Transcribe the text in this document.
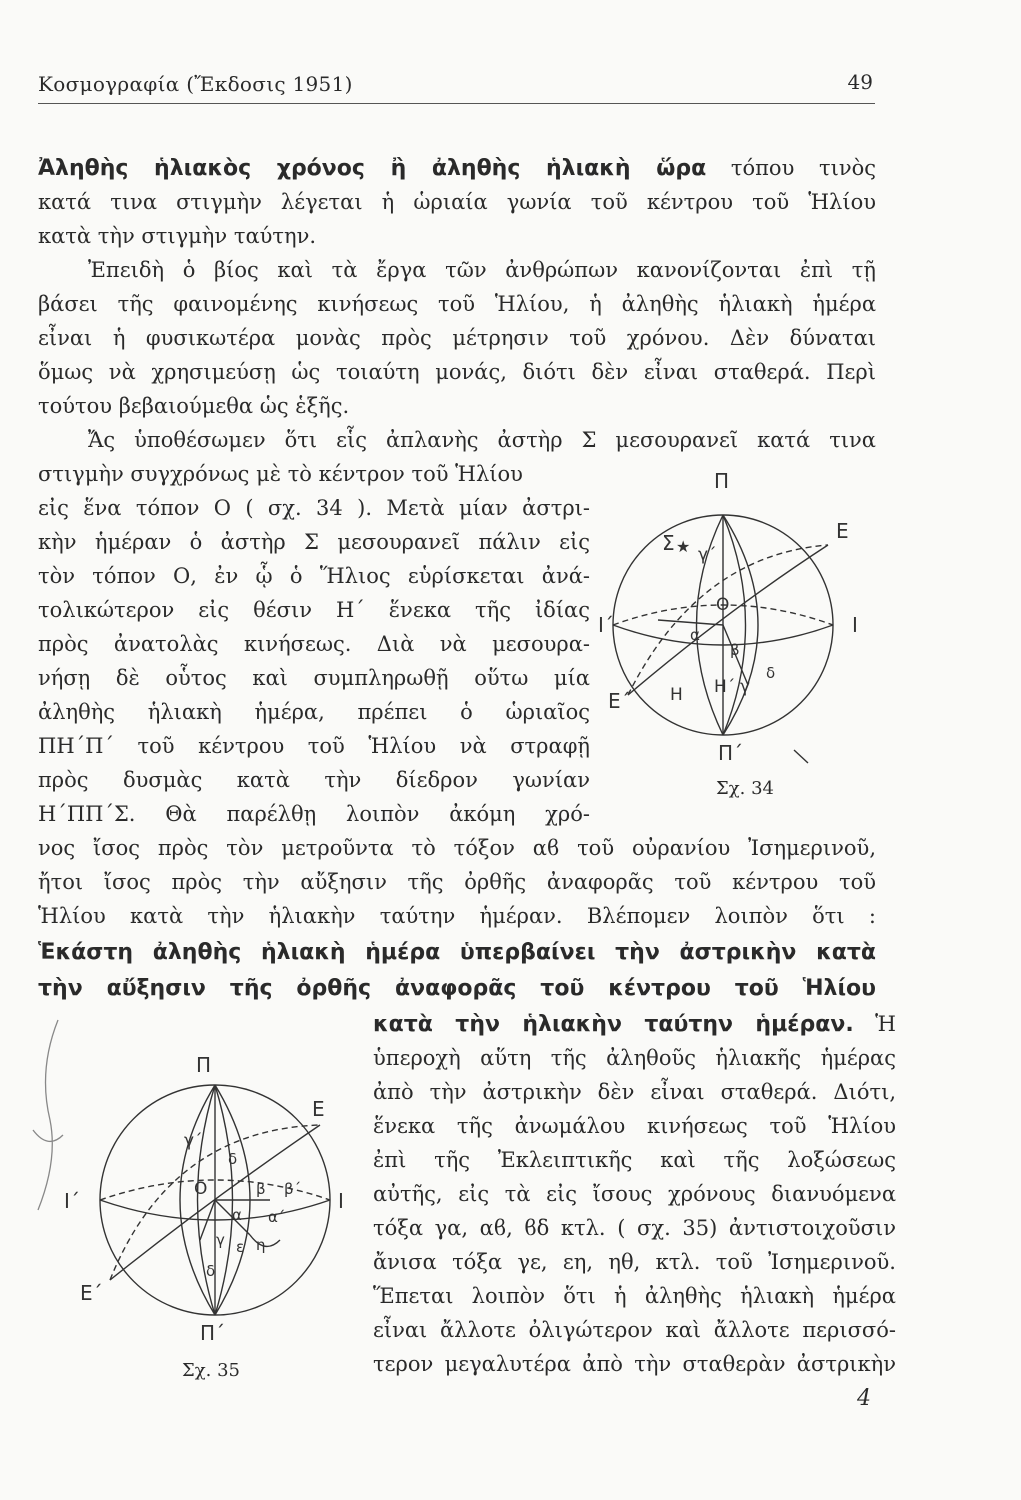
Κοσμογραφία (Ἔκδοσις 1951)	49
Ἀληθὴς ἡλιακὸς χρόνος ἢ ἀληθὴς ἡλιακὴ ὥρα τόπου τινὸς
κατά τινα στιγμὴν λέγεται ἡ ὡριαία γωνία τοῦ κέντρου τοῦ Ἡλίου
κατὰ τὴν στιγμὴν ταύτην.
Ἐπειδὴ ὁ βίος καὶ τὰ ἔργα τῶν ἀνθρώπων κανονίζονται ἐπὶ τῇ
βάσει τῆς φαινομένης κινήσεως τοῦ Ἡλίου, ἡ ἀληθὴς ἡλιακὴ ἡμέρα
εἶναι ἡ φυσικωτέρα μονὰς πρὸς μέτρησιν τοῦ χρόνου. Δὲν δύναται
ὅμως νὰ χρησιμεύσῃ ὡς τοιαύτη μονάς, διότι δὲν εἶναι σταθερά. Περὶ
τούτου βεβαιούμεθα ὡς ἑξῆς.
Ἄς ὑποθέσωμεν ὅτι εἷς ἀπλανὴς ἀστὴρ Σ μεσουρανεῖ κατά τινα
στιγμὴν συγχρόνως μὲ τὸ κέντρον τοῦ Ἡλίου
εἰς ἕνα τόπον Ο ( σχ. 34 ). Μετὰ μίαν ἀστρι-
κὴν ἡμέραν ὁ ἀστὴρ Σ μεσουρανεῖ πάλιν εἰς
τὸν τόπον Ο, ἐν ᾧ ὁ Ἥλιος εὑρίσκεται ἀνά-
τολικώτερον εἰς θέσιν Η΄ ἕνεκα τῆς ἰδίας
πρὸς ἀνατολὰς κινήσεως. Διὰ νὰ μεσουρα-
νήσῃ δὲ οὗτος καὶ συμπληρωθῇ οὕτω μία
ἀληθὴς ἡλιακὴ ἡμέρα, πρέπει ὁ ὡριαῖος
ΠΗ΄Π΄ τοῦ κέντρου τοῦ Ἡλίου νὰ στραφῇ
πρὸς δυσμὰς κατὰ τὴν δίεδρον γωνίαν
Η΄ΠΠ΄Σ. Θὰ παρέλθῃ λοιπὸν ἀκόμη χρό-
νος ἴσος πρὸς τὸν μετροῦντα τὸ τόξον αϐ τοῦ οὐρανίου Ἰσημερινοῦ,
ἤτοι ἴσος πρὸς τὴν αὔξησιν τῆς ὀρθῆς ἀναφορᾶς τοῦ κέντρου τοῦ
Ἡλίου κατὰ τὴν ἡλιακὴν ταύτην ἡμέραν. Βλέπομεν λοιπὸν ὅτι :
Ἑκάστη ἀληθὴς ἡλιακὴ ἡμέρα ὑπερβαίνει τὴν ἀστρικὴν κατὰ
τὴν αὔξησιν τῆς ὀρθῆς ἀναφορᾶς τοῦ κέντρου τοῦ Ἡλίου
κατὰ τὴν ἡλιακὴν ταύτην ἡμέραν. Ἡ
ὑπεροχὴ αὕτη τῆς ἀληθοῦς ἡλιακῆς ἡμέρας
ἀπὸ τὴν ἀστρικὴν δὲν εἶναι σταθερά. Διότι,
ἕνεκα τῆς ἀνωμάλου κινήσεως τοῦ Ἡλίου
ἐπὶ τῆς Ἐκλειπτικῆς καὶ τῆς λοξώσεως
αὐτῆς, εἰς τὰ εἰς ἴσους χρόνους διανυόμενα
τόξα γα, αϐ, ϐδ κτλ. ( σχ. 35) ἀντιστοιχοῦσιν
ἄνισα τόξα γε, εη, ηθ, κτλ. τοῦ Ἰσημερινοῦ.
Ἕπεται λοιπὸν ὅτι ἡ ἀληθὴς ἡλιακὴ ἡμέρα
εἶναι ἄλλοτε ὀλιγώτερον καὶ ἄλλοτε περισσό-
τερον μεγαλυτέρα ἀπὸ τὴν σταθερὰν ἀστρικὴν
Π
Π΄
Ε
Ε΄
Ι
Ι΄
Σ ★ γ΄
Ο
α
β
Η Η΄ γ
δ
Σχ. 34
Π
Π΄
Ε
Ε΄
Ι
Ι΄
γ΄
δ
Ο	β β΄
α α΄
γ ε η
δ
Σχ. 35
4
